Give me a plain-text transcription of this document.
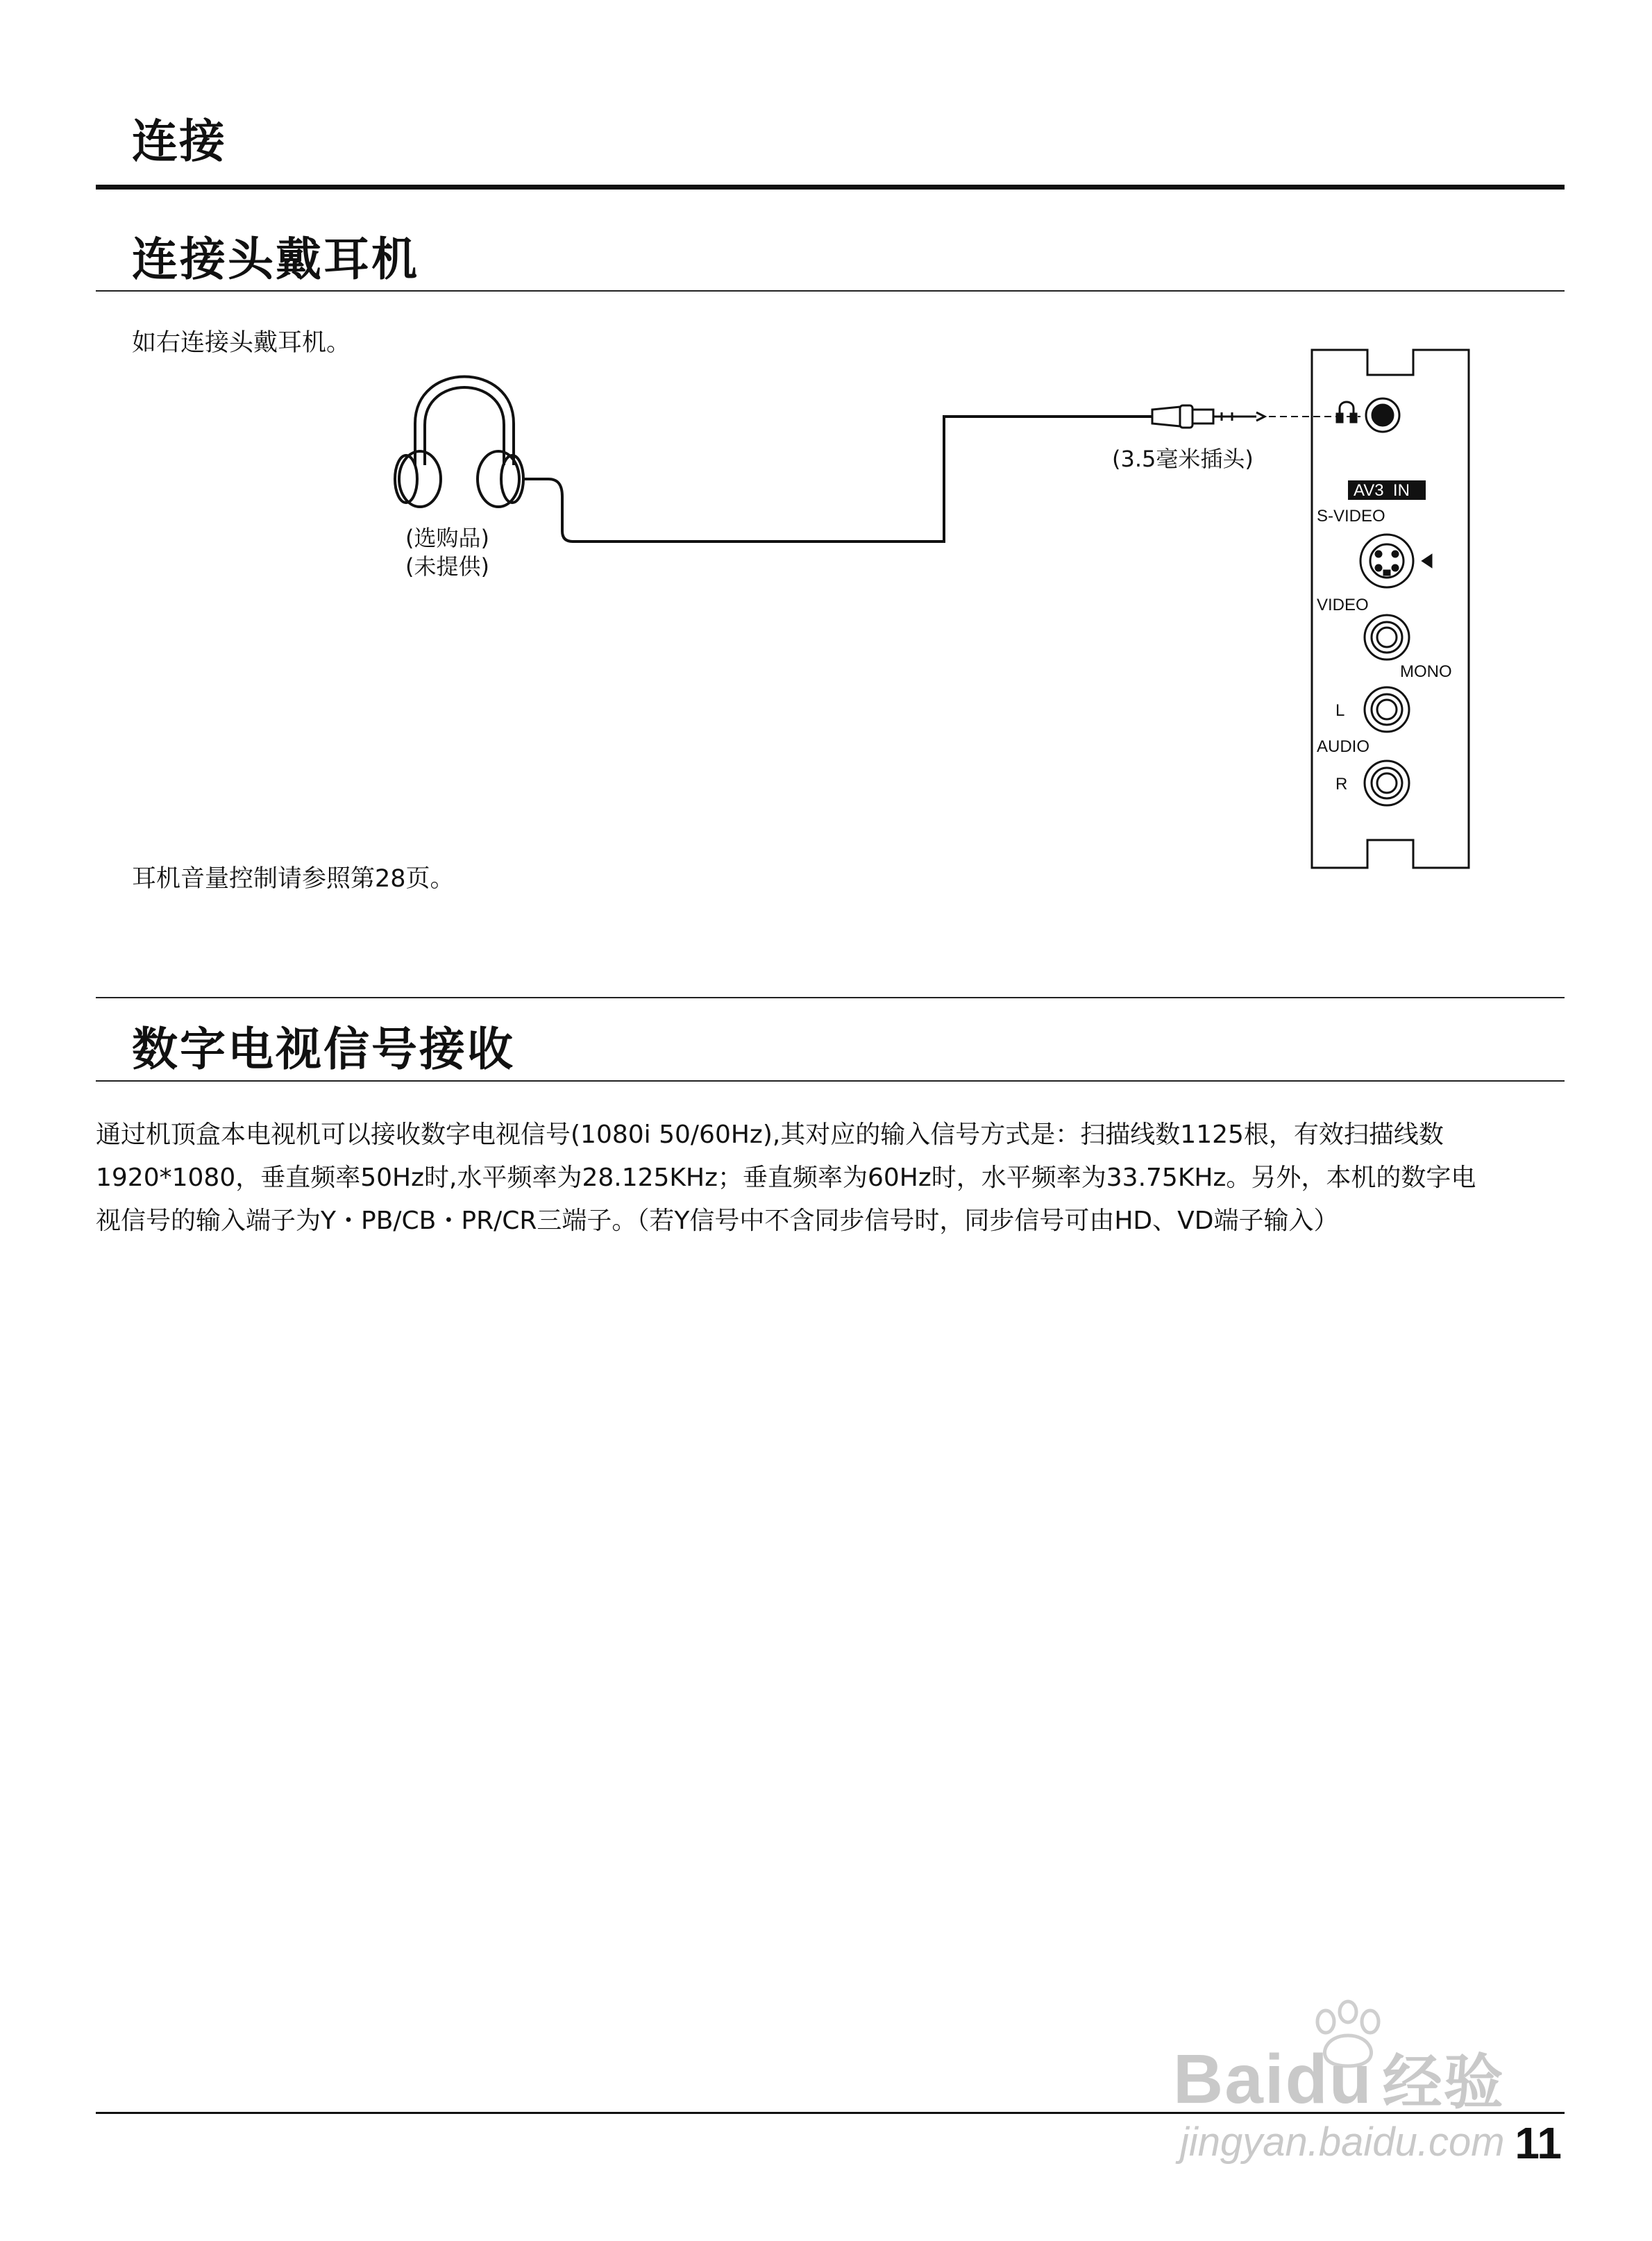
连接
连接头戴耳机
如右连接头戴耳机。
(选购品)
(未提供)
(3.5毫米插头)
AV3  IN
S-VIDEO
VIDEO
MONO
L
AUDIO
R
耳机音量控制请参照第28页。
数字电视信号接收

通过机顶盒本电视机可以接收数字电视信号(1080i 50/60Hz),其对应的输入信号方式是：扫描线数1125根，有效扫描线数

1920*1080，垂直频率50Hz时,水平频率为28.125KHz；垂直频率为60Hz时，水平频率为33.75KHz。另外，本机的数字电

视信号的输入端子为Y・PB/CB・PR/CR三端子。（若Y信号中不含同步信号时，同步信号可由HD、VD端子输入）

11
Baidu 经验
jingyan.baidu.com
